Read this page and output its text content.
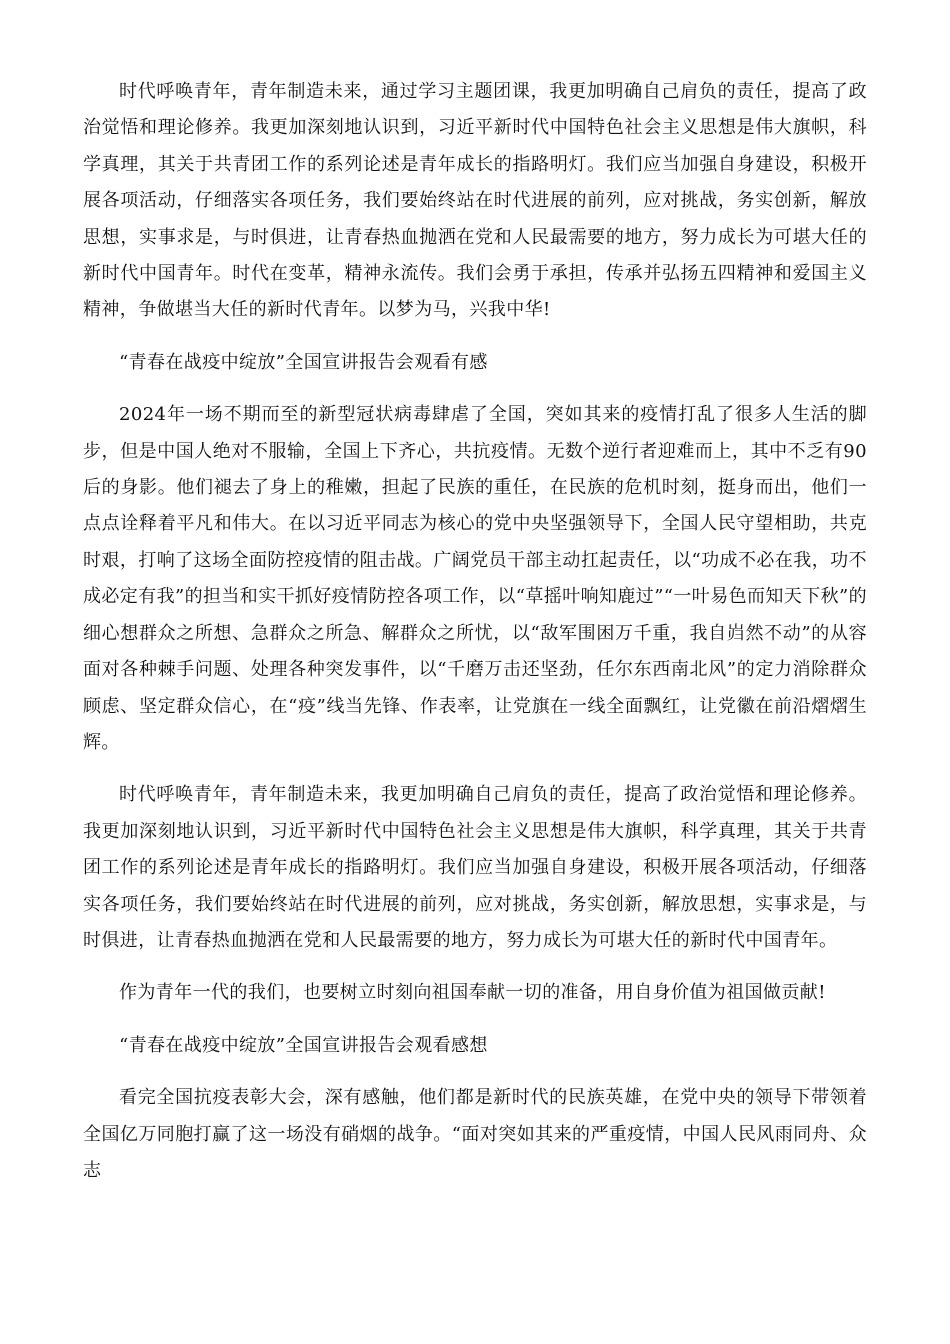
时代呼唤青年，青年制造未来，通过学习主题团课，我更加明确自己肩负的责任，提高了政治觉悟和理论修养。我更加深刻地认识到，习近平新时代中国特色社会主义思想是伟大旗帜，科学真理，其关于共青团工作的系列论述是青年成长的指路明灯。我们应当加强自身建设，积极开展各项活动，仔细落实各项任务，我们要始终站在时代进展的前列，应对挑战，务实创新，解放思想，实事求是，与时俱进，让青春热血抛洒在党和人民最需要的地方，努力成长为可堪大任的新时代中国青年。时代在变革，精神永流传。我们会勇于承担，传承并弘扬五四精神和爱国主义精神，争做堪当大任的新时代青年。以梦为马，兴我中华!

“青春在战疫中绽放”全国宣讲报告会观看有感

2024年一场不期而至的新型冠状病毒肆虐了全国，突如其来的疫情打乱了很多人生活的脚步，但是中国人绝对不服输，全国上下齐心，共抗疫情。无数个逆行者迎难而上，其中不乏有90后的身影。他们褪去了身上的稚嫩，担起了民族的重任，在民族的危机时刻，挺身而出，他们一点点诠释着平凡和伟大。在以习近平同志为核心的党中央坚强领导下，全国人民守望相助，共克时艰，打响了这场全面防控疫情的阻击战。广阔党员干部主动扛起责任，以“功成不必在我，功不成必定有我”的担当和实干抓好疫情防控各项工作，以“草摇叶响知鹿过”“一叶易色而知天下秋”的细心想群众之所想、急群众之所急、解群众之所忧，以“敌军围困万千重，我自岿然不动”的从容面对各种棘手问题、处理各种突发事件，以“千磨万击还坚劲，任尔东西南北风”的定力消除群众顾虑、坚定群众信心，在“疫”线当先锋、作表率，让党旗在一线全面飘红，让党徽在前沿熠熠生辉。

时代呼唤青年，青年制造未来，我更加明确自己肩负的责任，提高了政治觉悟和理论修养。我更加深刻地认识到，习近平新时代中国特色社会主义思想是伟大旗帜，科学真理，其关于共青团工作的系列论述是青年成长的指路明灯。我们应当加强自身建设，积极开展各项活动，仔细落实各项任务，我们要始终站在时代进展的前列，应对挑战，务实创新，解放思想，实事求是，与时俱进，让青春热血抛洒在党和人民最需要的地方，努力成长为可堪大任的新时代中国青年。

作为青年一代的我们，也要树立时刻向祖国奉献一切的准备，用自身价值为祖国做贡献!

“青春在战疫中绽放”全国宣讲报告会观看感想

看完全国抗疫表彰大会，深有感触，他们都是新时代的民族英雄，在党中央的领导下带领着全国亿万同胞打赢了这一场没有硝烟的战争。“面对突如其来的严重疫情，中国人民风雨同舟、众志
